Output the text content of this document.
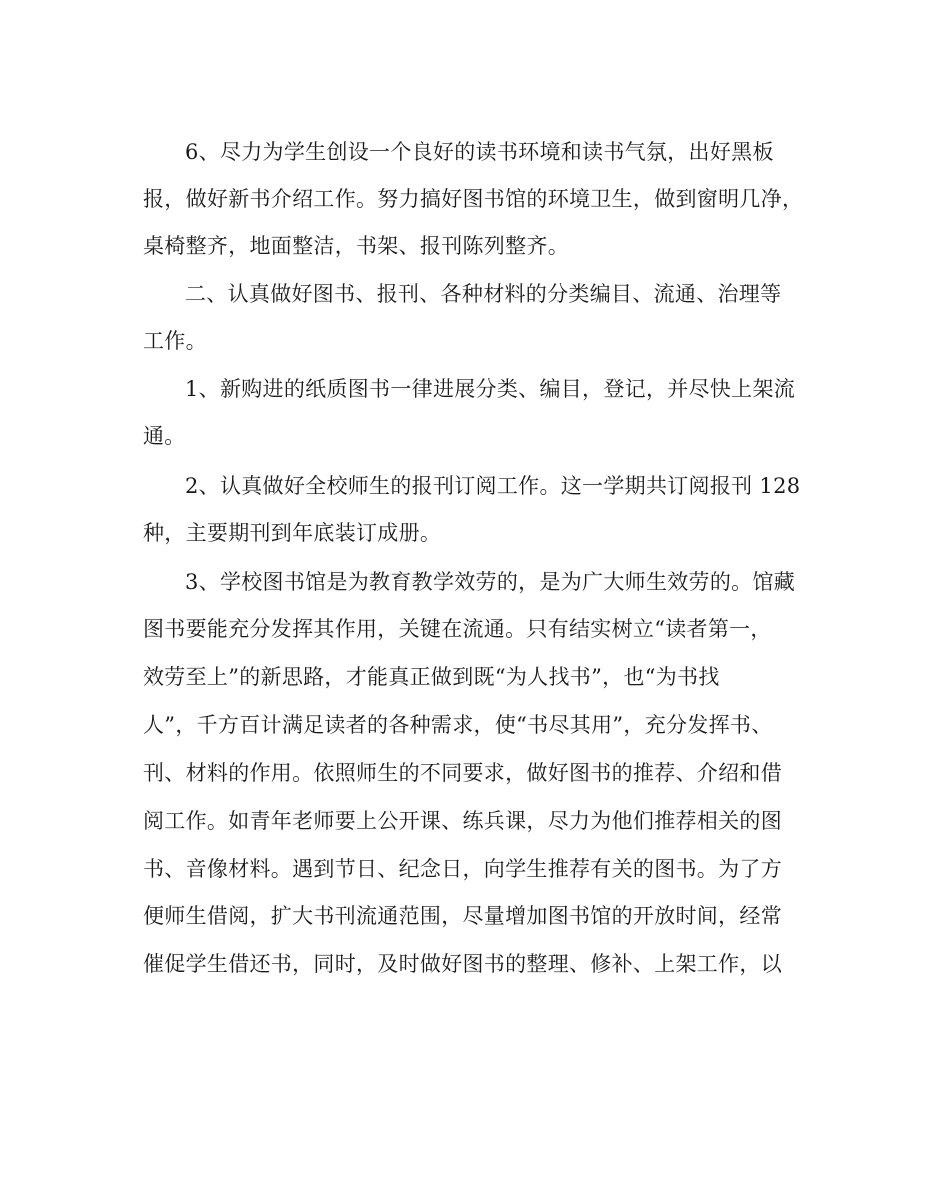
6、尽力为学生创设一个良好的读书环境和读书气氛，出好黑板
报，做好新书介绍工作。努力搞好图书馆的环境卫生，做到窗明几净，
桌椅整齐，地面整洁，书架、报刊陈列整齐。
二、认真做好图书、报刊、各种材料的分类编目、流通、治理等
工作。
1、新购进的纸质图书一律进展分类、编目，登记，并尽快上架流
通。
2、认真做好全校师生的报刊订阅工作。这一学期共订阅报刊 128
种，主要期刊到年底装订成册。
3、学校图书馆是为教育教学效劳的，是为广大师生效劳的。馆藏
图书要能充分发挥其作用，关键在流通。只有结实树立“读者第一，
效劳至上”的新思路，才能真正做到既“为人找书”，也“为书找
人”，千方百计满足读者的各种需求，使“书尽其用”，充分发挥书、
刊、材料的作用。依照师生的不同要求，做好图书的推荐、介绍和借
阅工作。如青年老师要上公开课、练兵课，尽力为他们推荐相关的图
书、音像材料。遇到节日、纪念日，向学生推荐有关的图书。为了方
便师生借阅，扩大书刊流通范围，尽量增加图书馆的开放时间，经常
催促学生借还书，同时，及时做好图书的整理、修补、上架工作，以
